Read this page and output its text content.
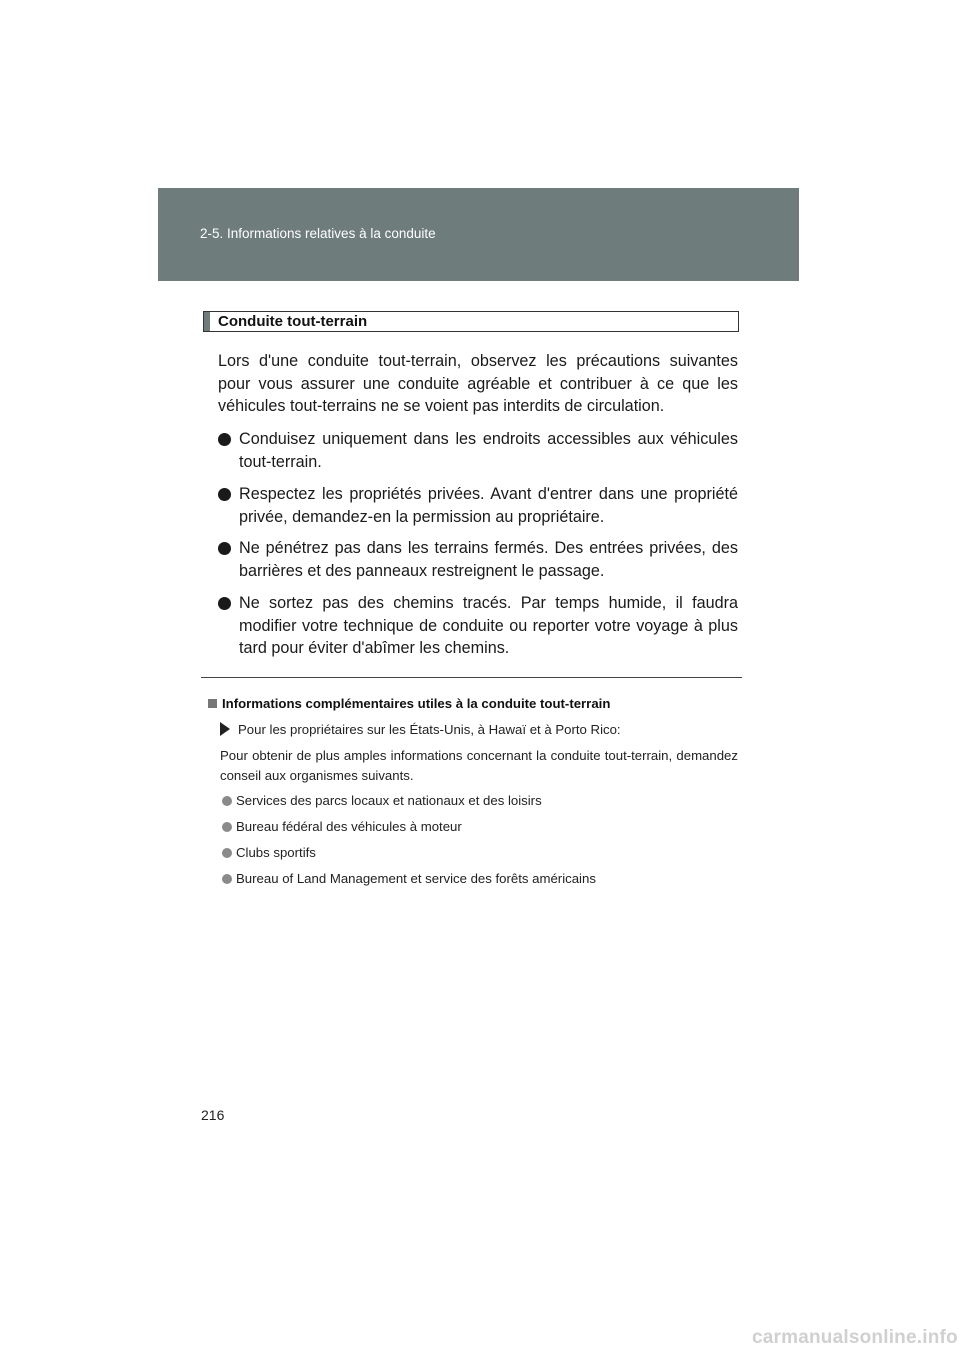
2-5. Informations relatives à la conduite
Conduite tout-terrain
Lors d'une conduite tout-terrain, observez les précautions suivantes pour vous assurer une conduite agréable et contribuer à ce que les véhicules tout-terrains ne se voient pas interdits de circulation.
Conduisez uniquement dans les endroits accessibles aux véhicules tout-terrain.
Respectez les propriétés privées. Avant d'entrer dans une propriété privée, demandez-en la permission au propriétaire.
Ne pénétrez pas dans les terrains fermés. Des entrées privées, des barrières et des panneaux restreignent le passage.
Ne sortez pas des chemins tracés. Par temps humide, il faudra modifier votre technique de conduite ou reporter votre voyage à plus tard pour éviter d'abîmer les chemins.
Informations complémentaires utiles à la conduite tout-terrain
Pour les propriétaires sur les États-Unis, à Hawaï et à Porto Rico:
Pour obtenir de plus amples informations concernant la conduite tout-terrain, demandez conseil aux organismes suivants.
Services des parcs locaux et nationaux et des loisirs
Bureau fédéral des véhicules à moteur
Clubs sportifs
Bureau of Land Management et service des forêts américains
216
carmanualsonline.info
